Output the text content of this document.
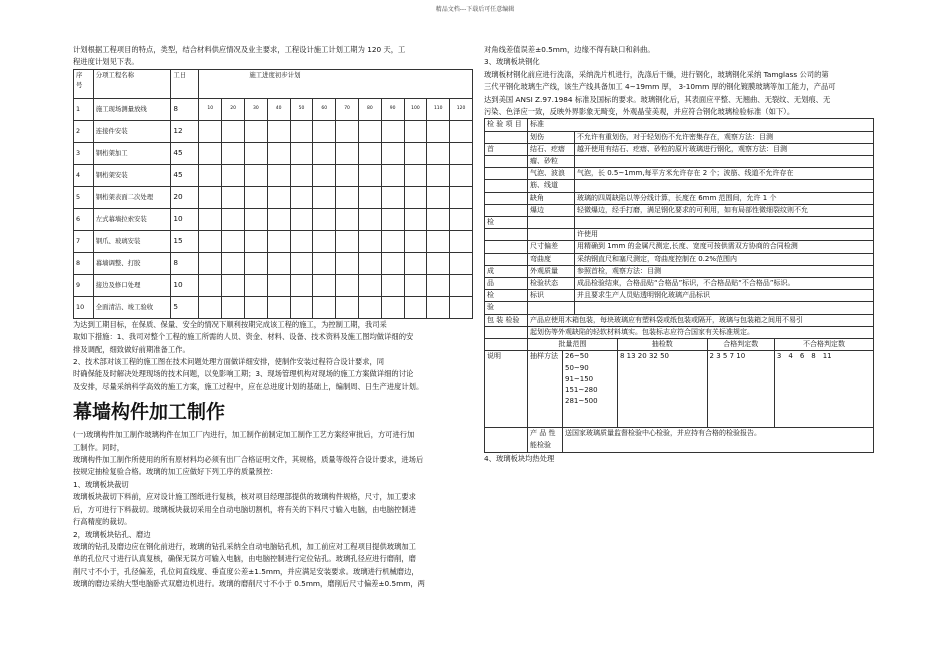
精品文档---下载后可任意编辑

计划根据工程项目的特点，类型，结合材料供应情况及业主要求，工程设计施工计划工期为 120 天，工

程进度计划见下表。

序
号	分项工程名称	工日	施工进度初步计划											
1	施工现场测量放线	8	10	20	30	40	50	60	70	80	90	100	110	120
2	连接件安装	12												
3	钢桁架加工	45												
4	钢桁架安装	45												
5	钢桁架表面二次处理	20												
6	左式幕墙拉索安装	10												
7	钢爪、玻璃安装	15												
8	幕墙调整、打胶	8												
9	接边及修口处理	10												
10	全面清洁、竣工验收	5												

为达到工期目标，在保质、保量、安全的情况下顺利按期完成该工程的施工，为控制工期，我司采

取如下措施：1、我司对整个工程的施工所需的人员、资金、材料、设备、技术资料及施工图均做详细的安

排及调配，细致做好前期准备工作。

2、技术部对该工程的施工图在技术问题处理方面做详细安排，使制作安装过程符合设计要求，同

时确保能及时解决处理现场的技术问题，以免影响工期；3、现场管理机构对现场的施工方案做详细的讨论

及安排，尽量采纳科学高效的施工方案，施工过程中，应在总进度计划的基础上，编制周、日生产进度计划。

幕墙构件加工制作

(一)玻璃构件加工制作玻璃构件在加工厂内进行，加工制作前制定加工制作工艺方案经审批后，方可进行加

工制作。同时，

玻璃构件加工制作所使用的所有原材料均必须有出厂合格证明文件，其规格，质量等级符合设计要求，进场后

按规定抽检复验合格。玻璃的加工应做好下列工序的质量预控：

1、玻璃板块裁切

玻璃板块裁切下料前，应对设计施工图纸进行复核，核对项目经理部提供的玻璃构件规格，尺寸，加工要求

后，方可进行下料裁切。玻璃板块裁切采用全自动电脑切割机，将有关的下料尺寸输入电脑，由电脑控制进

行高精度的裁切。

2，玻璃板块钻孔、磨边

玻璃的钻孔及磨边应在钢化前进行，玻璃的钻孔采纳全自动电脑钻孔机，加工前应对工程项目提供玻璃加工

单的孔位尺寸进行认真复核，确保无误方可输入电脑，由电脑控制进行定位钻孔。玻璃孔径应进行磨削，磨

削尺寸不小于，孔径偏差，孔位间直线度、垂直度公差±1.5mm，并应满足安装要求。玻璃进行机械磨边，

玻璃的磨边采纳大型电脑卧式双磨边机进行。玻璃的磨削尺寸不小于 0.5mm，磨削后尺寸偏差±0.5mm，两

对角线差值误差±0.5mm，边缘不得有缺口和斜曲。

3、玻璃板块钢化

玻璃板材钢化前应进行洗涤，采纳洗片机进行，洗涤后干燥，进行钢化，玻璃钢化采纳 Tamglass 公司的第

三代平钢化玻璃生产线，该生产线具备加工 4~19mm 厚， 3-10mm 厚的钢化镀膜玻璃等加工能力，产品可

达到美国 ANSI Z.97.1984 标准及国标的要求。玻璃钢化后，其表面应平整、无翘曲、无裂纹、无划痕、无

污染、色泽应一致，反映外界影象无畸变，外观晶莹美观，并应符合钢化玻璃检验标准（如下）。

检 验 项 目	标准	
	划伤	不允许有重划伤，对于轻划伤不允许密集存在，观察方法：目测
首	结石、疙瘩	越开使用有结石、疙瘩、砂粒的原片玻璃进行钢化，观察方法：目测
	瘤、砂粒	
	气泡、波浪	气泡，长 0.5~1mm,每平方米允许存在 2 个；波筋、线道不允许存在
	筋、线道	
	缺角	玻璃的四周缺陷以等分线计算，长度在 6mm 范围间，允许 1 个
	爆边	轻微爆边，经手打磨，满足钢化要求的可利用，如有局部性微细裂纹则不允
检		
		许使用
	尺寸偏差	用精确到 1mm 的金属尺测定,长度、宽度可按供需双方协商的合同检测
	弯曲度	采纳钢直尺和塞尺测定，弯曲度控制在 0.2%范围内
成	外观质量	参照首检，观察方法：目测
品	检验状态	成品检验结束，合格品贴“合格品”标识，不合格品贴“不合格品”标识。
检	标识	并且要求生产人员贴透明钢化玻璃产品标识
验		
包 装 检验	产品应使用木箱包装，每块玻璃应有塑料袋或纸包装或隔开，玻璃与包装箱之间用不易引	
	起划伤等外观缺陷的轻软材料填实。包装标志应符合国家有关标准规定。	
	批量范围		抽检数	合格判定数	不合格判定数
说明	抽样方法	26~50　50~90
91~150
151~280
281~500	8 13 20 32 50	2 3 5 7 10	3　4　6　8　11
	产 品 性能检验	送国家玻璃质量监督检验中心检验，并应持有合格的检验报告。			

4、玻璃板块均热处理
